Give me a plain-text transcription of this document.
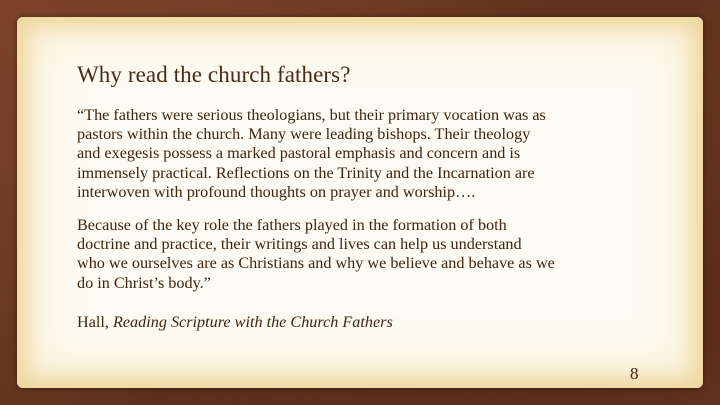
Why read the church fathers?

“The fathers were serious theologians, but their primary vocation was as
pastors within the church. Many were leading bishops. Their theology
and exegesis possess a marked pastoral emphasis and concern and is
immensely practical. Reflections on the Trinity and the Incarnation are
interwoven with profound thoughts on prayer and worship….

Because of the key role the fathers played in the formation of both
doctrine and practice, their writings and lives can help us understand
who we ourselves are as Christians and why we believe and behave as we
do in Christ’s body.”

Hall, Reading Scripture with the Church Fathers

8
